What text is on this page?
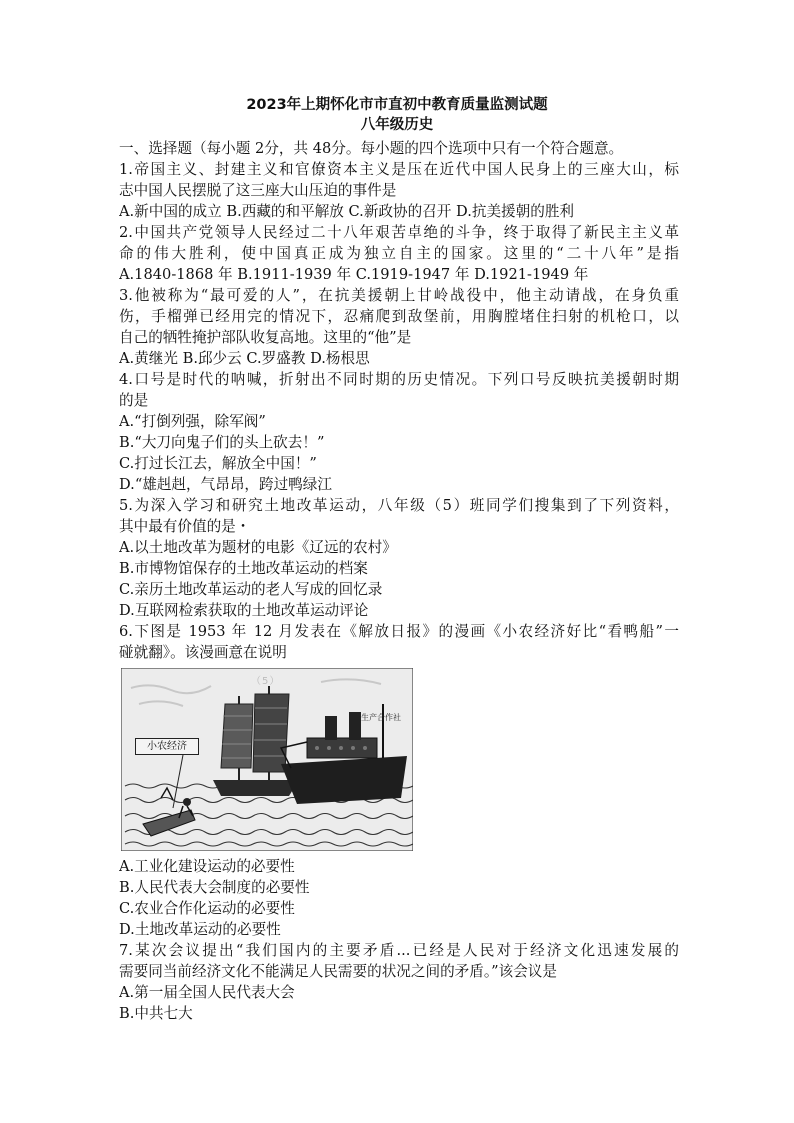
2023年上期怀化市市直初中教育质量监测试题
八年级历史
一、选择题（每小题 2分，共 48分。每小题的四个选项中只有一个符合题意。
1.帝国主义、封建主义和官僚资本主义是压在近代中国人民身上的三座大山，标
志中国人民摆脱了这三座大山压迫的事件是
A.新中国的成立 B.西藏的和平解放 C.新政协的召开 D.抗美援朝的胜利
2.中国共产党领导人民经过二十八年艰苦卓绝的斗争，终于取得了新民主主义革
命的伟大胜利，使中国真正成为独立自主的国家。这里的“二十八年”是指
A.1840-1868 年 B.1911-1939 年 C.1919-1947 年 D.1921-1949 年
3.他被称为“最可爱的人”，在抗美援朝上甘岭战役中，他主动请战，在身负重
伤，手榴弹已经用完的情况下，忍痛爬到敌堡前，用胸膛堵住扫射的机枪口，以
自己的牺牲掩护部队收复高地。这里的“他”是
A.黄继光 B.邱少云 C.罗盛教 D.杨根思
4.口号是时代的呐喊，折射出不同时期的历史情况。下列口号反映抗美援朝时期
的是
A.“打倒列强，除军阀”
B.“大刀向鬼子们的头上砍去！”
C.打过长江去，解放全中国！”
D.“雄赳赳，气昂昂，跨过鸭绿江
5.为深入学习和研究土地改革运动，八年级（5）班同学们搜集到了下列资料，
其中最有价值的是・
A.以土地改革为题材的电影《辽远的农村》
B.市博物馆保存的土地改革运动的档案
C.亲历土地改革运动的老人写成的回忆录
D.互联网检索获取的土地改革运动评论
6.下图是 1953 年 12 月发表在《解放日报》的漫画《小农经济好比“看鸭船”一
碰就翻》。该漫画意在说明
（5）
小农经济
生产合作社
A.工业化建设运动的必要性
B.人民代表大会制度的必要性
C.农业合作化运动的必要性
D.土地改革运动的必要性
7.某次会议提出“我们国内的主要矛盾...已经是人民对于经济文化迅速发展的
需要同当前经济文化不能满足人民需要的状况之间的矛盾。”该会议是
A.第一届全国人民代表大会
B.中共七大
